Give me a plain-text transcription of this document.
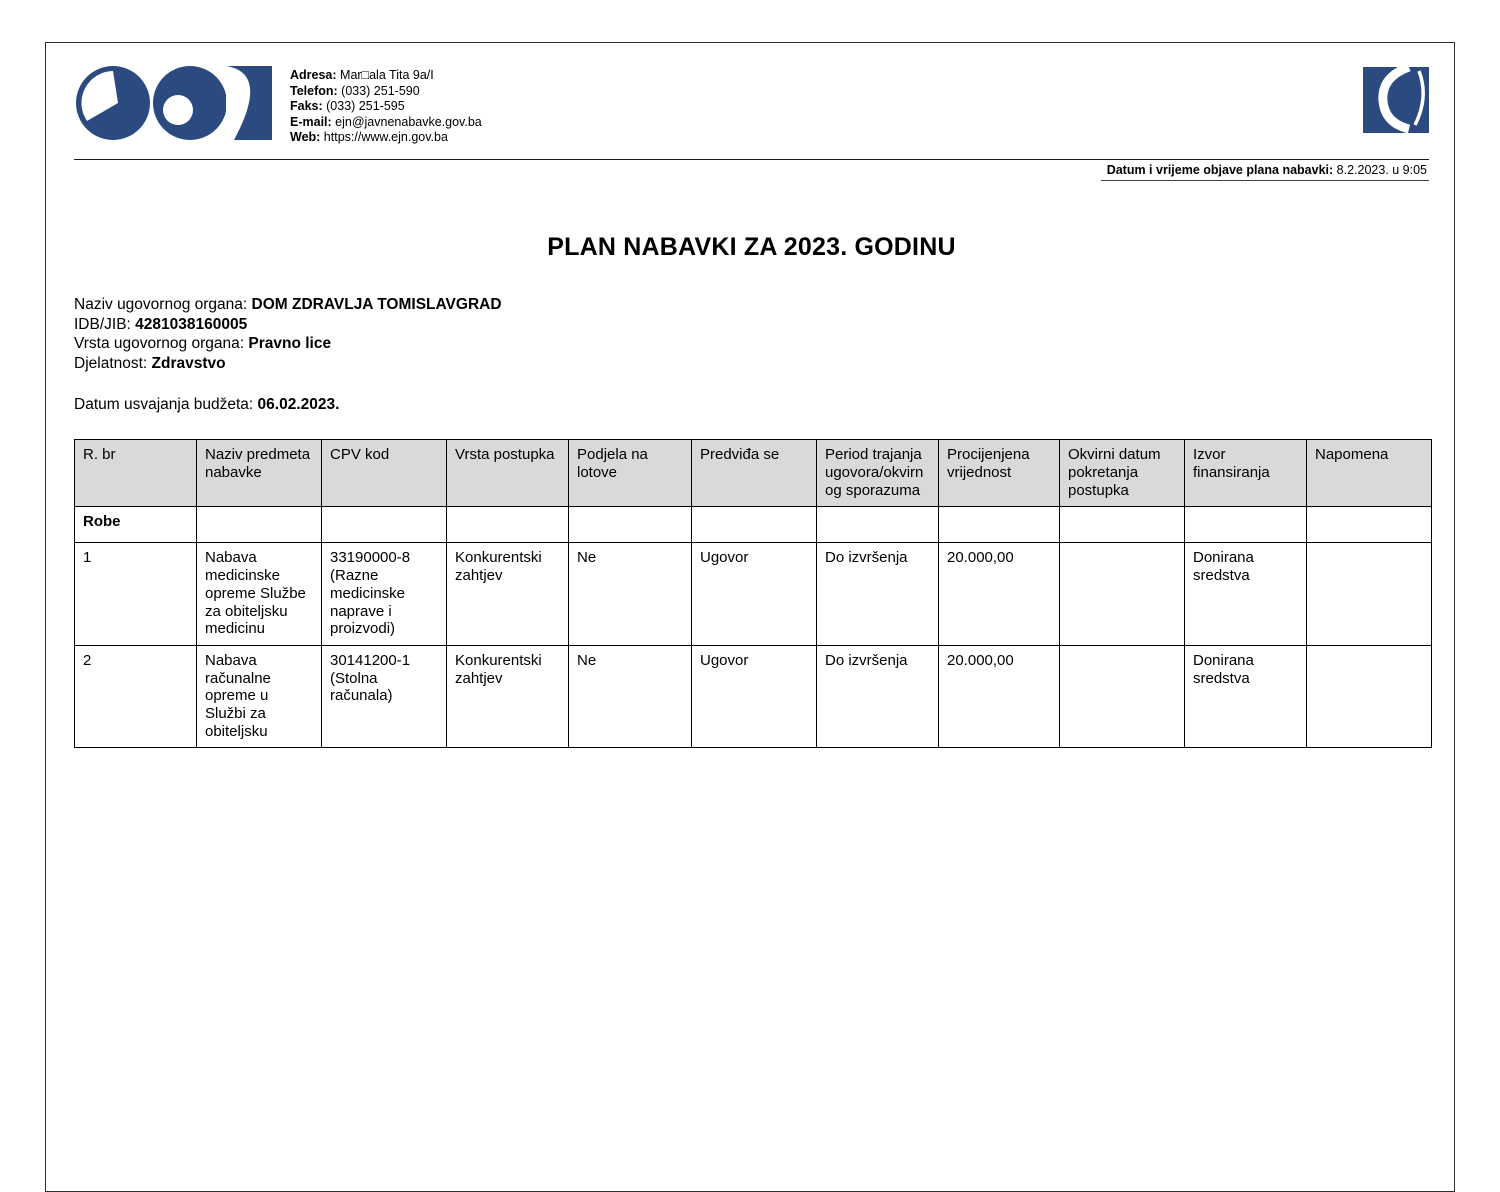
Adresa: Mar□ala Tita 9a/I
Telefon: (033) 251-590
Faks: (033) 251-595
E-mail: ejn@javnenabavke.gov.ba
Web: https://www.ejn.gov.ba
Datum i vrijeme objave plana nabavki: 8.2.2023. u 9:05
PLAN NABAVKI ZA 2023. GODINU
Naziv ugovornog organa: DOM ZDRAVLJA TOMISLAVGRAD
IDB/JIB: 4281038160005
Vrsta ugovornog organa: Pravno lice
Djelatnost: Zdravstvo
Datum usvajanja budžeta: 06.02.2023.
R. br	Naziv predmeta nabavke	CPV kod	Vrsta postupka	Podjela na lotove	Predviđa se	Period trajanja ugovora/okvirnog sporazuma	Procijenjena vrijednost	Okvirni datum pokretanja postupka	Izvor finansiranja	Napomena
Robe										
1	Nabava medicinske opreme Službe za obiteljsku medicinu	33190000-8 (Razne medicinske naprave i proizvodi)	Konkurentski zahtjev	Ne	Ugovor	Do izvršenja	20.000,00		Donirana sredstva	
2	Nabava računalne opreme u Službi za obiteljsku	30141200-1 (Stolna računala)	Konkurentski zahtjev	Ne	Ugovor	Do izvršenja	20.000,00		Donirana sredstva	
